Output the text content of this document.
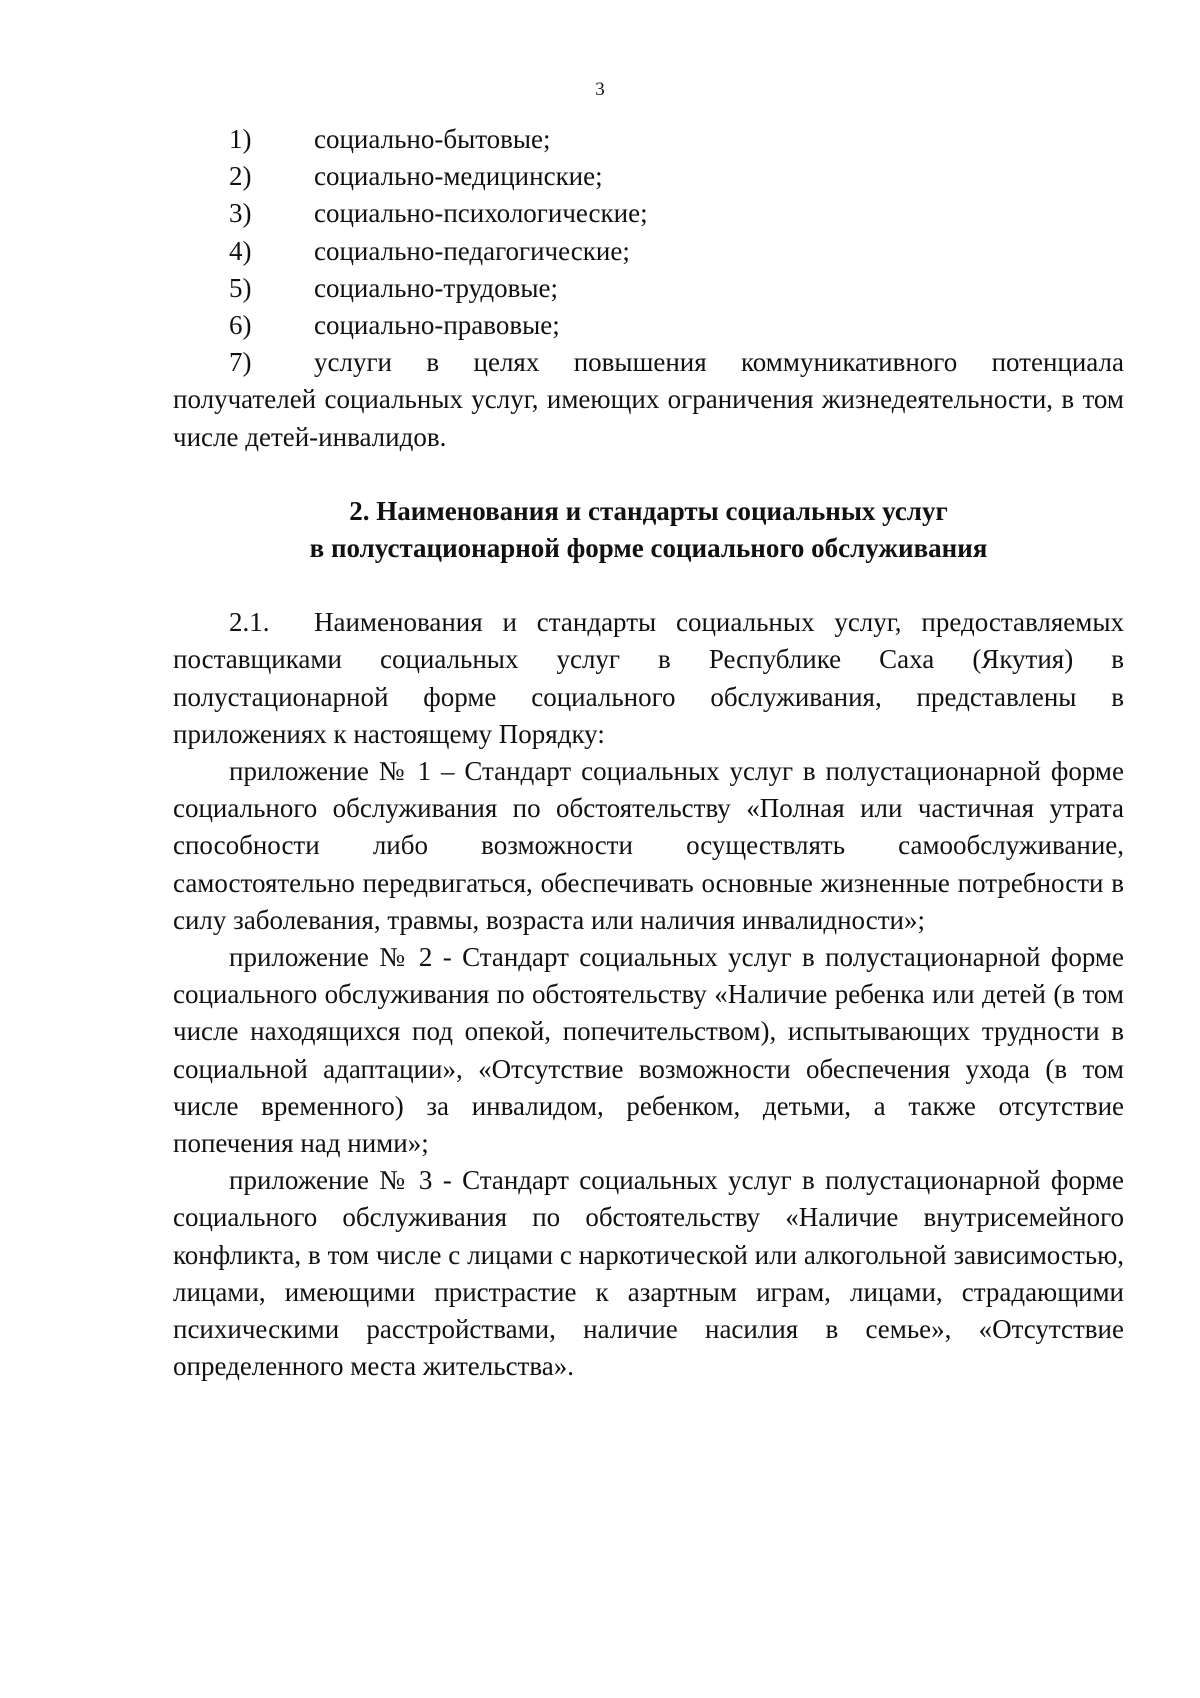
3
1)	социально-бытовые;
2)	социально-медицинские;
3)	социально-психологические;
4)	социально-педагогические;
5)	социально-трудовые;
6)	социально-правовые;

7) услуги в целях повышения коммуникативного потенциала получателей социальных услуг, имеющих ограничения жизнедеятельности, в том числе детей-инвалидов.

2. Наименования и стандарты социальных услуг
в полустационарной форме социального обслуживания

2.1. Наименования и стандарты социальных услуг, предоставляемых поставщиками социальных услуг в Республике Саха (Якутия) в полустационарной форме социального обслуживания, представлены в приложениях к настоящему Порядку:

приложение № 1 – Стандарт социальных услуг в полустационарной форме социального обслуживания по обстоятельству «Полная или частичная утрата способности либо возможности осуществлять самообслуживание, самостоятельно передвигаться, обеспечивать основные жизненные потребности в силу заболевания, травмы, возраста или наличия инвалидности»;

приложение № 2 - Стандарт социальных услуг в полустационарной форме социального обслуживания по обстоятельству «Наличие ребенка или детей (в том числе находящихся под опекой, попечительством), испытывающих трудности в социальной адаптации», «Отсутствие возможности обеспечения ухода (в том числе временного) за инвалидом, ребенком, детьми, а также отсутствие попечения над ними»;

приложение № 3 - Стандарт социальных услуг в полустационарной форме социального обслуживания по обстоятельству «Наличие внутрисемейного конфликта, в том числе с лицами с наркотической или алкогольной зависимостью, лицами, имеющими пристрастие к азартным играм, лицами, страдающими психическими расстройствами, наличие насилия в семье», «Отсутствие определенного места жительства».
